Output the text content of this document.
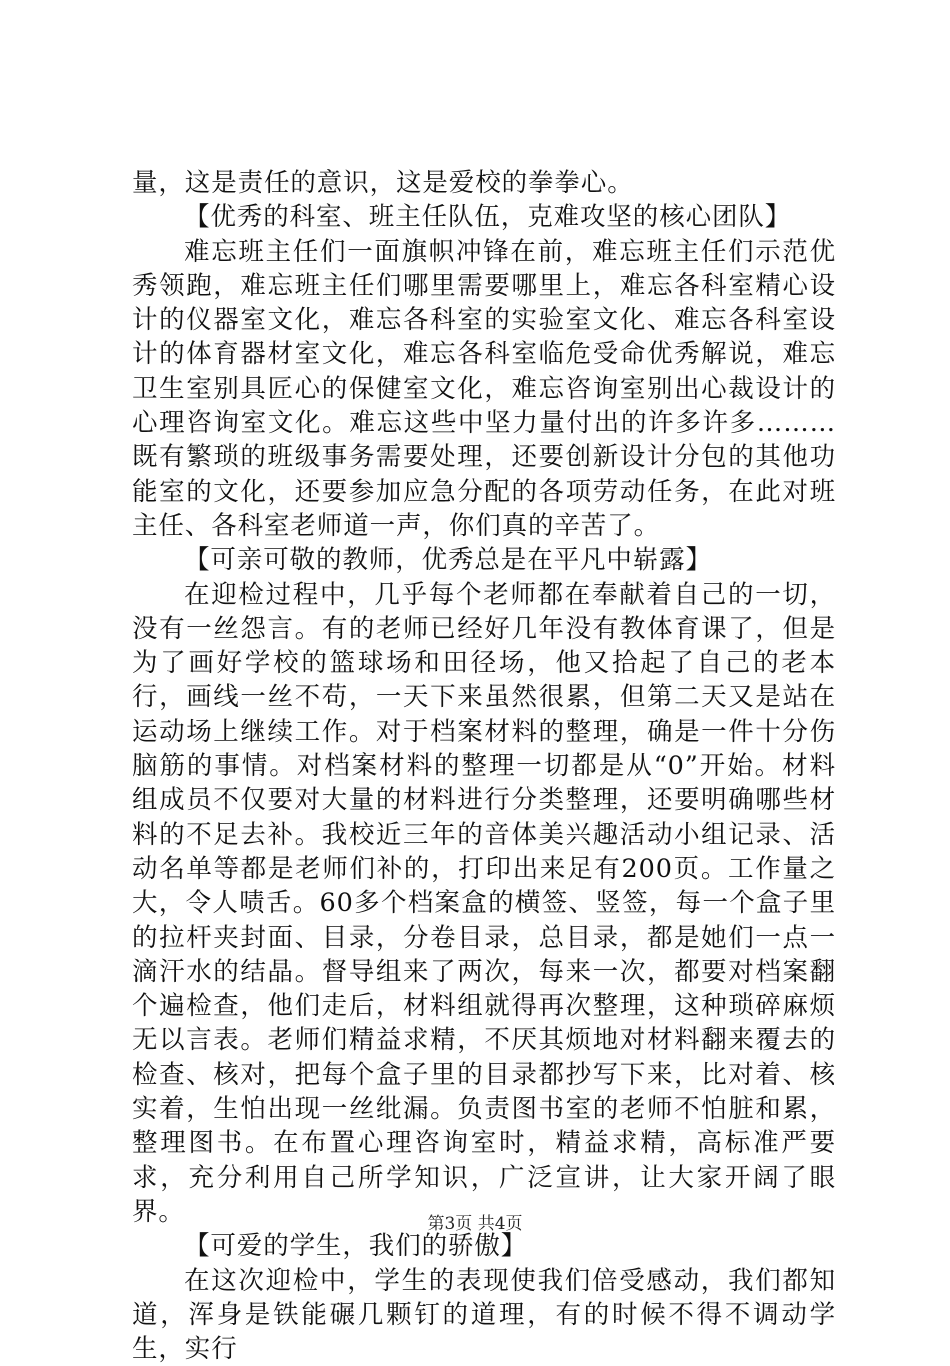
量，这是责任的意识，这是爱校的拳拳心。

【优秀的科室、班主任队伍，克难攻坚的核心团队】

难忘班主任们一面旗帜冲锋在前，难忘班主任们示范优秀领跑，难忘班主任们哪里需要哪里上，难忘各科室精心设计的仪器室文化，难忘各科室的实验室文化、难忘各科室设计的体育器材室文化，难忘各科室临危受命优秀解说，难忘卫生室别具匠心的保健室文化，难忘咨询室别出心裁设计的心理咨询室文化。难忘这些中坚力量付出的许多许多………既有繁琐的班级事务需要处理，还要创新设计分包的其他功能室的文化，还要参加应急分配的各项劳动任务，在此对班主任、各科室老师道一声，你们真的辛苦了。

【可亲可敬的教师，优秀总是在平凡中崭露】

在迎检过程中，几乎每个老师都在奉献着自己的一切，没有一丝怨言。有的老师已经好几年没有教体育课了，但是为了画好学校的篮球场和田径场，他又拾起了自己的老本行，画线一丝不苟，一天下来虽然很累，但第二天又是站在运动场上继续工作。对于档案材料的整理，确是一件十分伤脑筋的事情。对档案材料的整理一切都是从“0”开始。材料组成员不仅要对大量的材料进行分类整理，还要明确哪些材料的不足去补。我校近三年的音体美兴趣活动小组记录、活动名单等都是老师们补的，打印出来足有200页。工作量之大，令人啧舌。60多个档案盒的横签、竖签，每一个盒子里的拉杆夹封面、目录，分卷目录，总目录，都是她们一点一滴汗水的结晶。督导组来了两次，每来一次，都要对档案翻个遍检查，他们走后，材料组就得再次整理，这种琐碎麻烦无以言表。老师们精益求精，不厌其烦地对材料翻来覆去的检查、核对，把每个盒子里的目录都抄写下来，比对着、核实着，生怕出现一丝纰漏。负责图书室的老师不怕脏和累，整理图书。在布置心理咨询室时，精益求精，高标准严要求，充分利用自己所学知识，广泛宣讲，让大家开阔了眼界。

【可爱的学生，我们的骄傲】

在这次迎检中，学生的表现使我们倍受感动，我们都知道，浑身是铁能碾几颗钉的道理，有的时候不得不调动学生，实行

第3页 共4页
